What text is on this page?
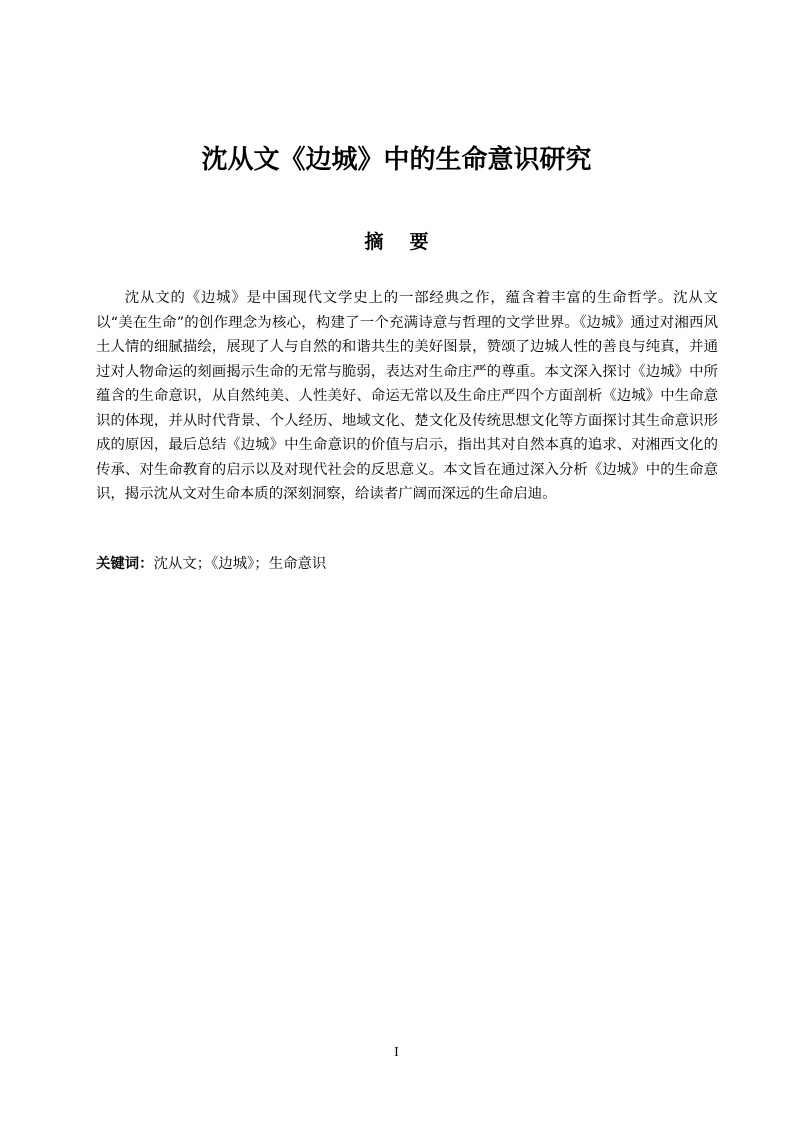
沈从文《边城》中的生命意识研究
摘要

沈从文的《边城》是中国现代文学史上的一部经典之作，蕴含着丰富的生命哲学。沈从文以“美在生命”的创作理念为核心，构建了一个充满诗意与哲理的文学世界。《边城》通过对湘西风土人情的细腻描绘，展现了人与自然的和谐共生的美好图景，赞颂了边城人性的善良与纯真，并通过对人物命运的刻画揭示生命的无常与脆弱，表达对生命庄严的尊重。本文深入探讨《边城》中所蕴含的生命意识，从自然纯美、人性美好、命运无常以及生命庄严四个方面剖析《边城》中生命意识的体现，并从时代背景、个人经历、地域文化、楚文化及传统思想文化等方面探讨其生命意识形成的原因，最后总结《边城》中生命意识的价值与启示，指出其对自然本真的追求、对湘西文化的传承、对生命教育的启示以及对现代社会的反思意义。本文旨在通过深入分析《边城》中的生命意识，揭示沈从文对生命本质的深刻洞察，给读者广阔而深远的生命启迪。

关键词：沈从文；《边城》；生命意识

I
